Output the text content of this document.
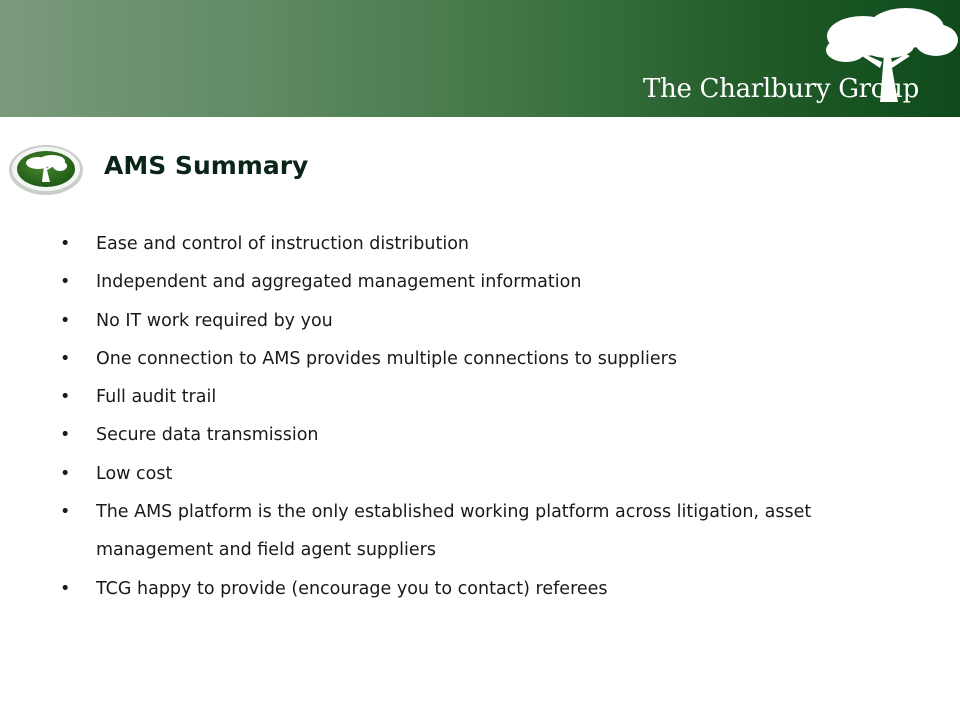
The Charlbury Group
AMS Summary
• Ease and control of instruction distribution
• Independent and aggregated management information
• No IT work required by you
• One connection to AMS provides multiple connections to suppliers
• Full audit trail
• Secure data transmission
• Low cost
• The AMS platform is the only established working platform across litigation, asset management and field agent suppliers
• TCG happy to provide (encourage you to contact) referees
